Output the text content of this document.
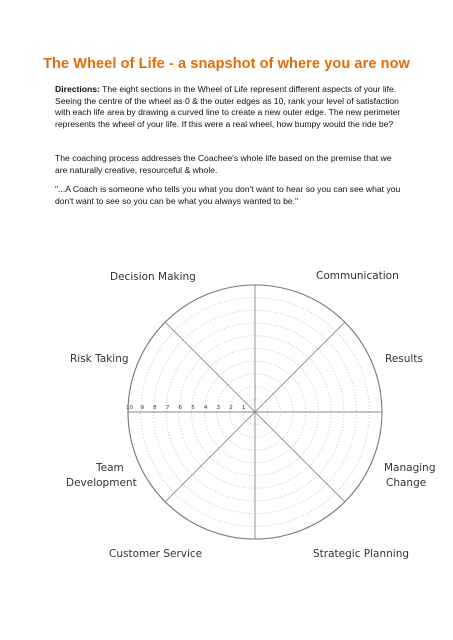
The Wheel of Life - a snapshot of where you are now
Directions: The eight sections in the Wheel of Life represent different aspects of your life. Seeing the centre of the wheel as 0 & the outer edges as 10, rank your level of satisfaction with each life area by drawing a curved line to create a new outer edge. The new perimeter represents the wheel of your life. If this were a real wheel, how bumpy would the ride be?
The coaching process addresses the Coachee's whole life based on the premise that we are naturally creative, resourceful & whole.
"...A Coach is someone who tells you what you don't want to hear so you can see what you don't want to see so you can be what you always wanted to be."
10 9 8 7 6 5 4 3 2 1
Decision Making	Communication
Risk Taking	Results
Team
Development
Managing
Change
Customer Service	Strategic Planning
